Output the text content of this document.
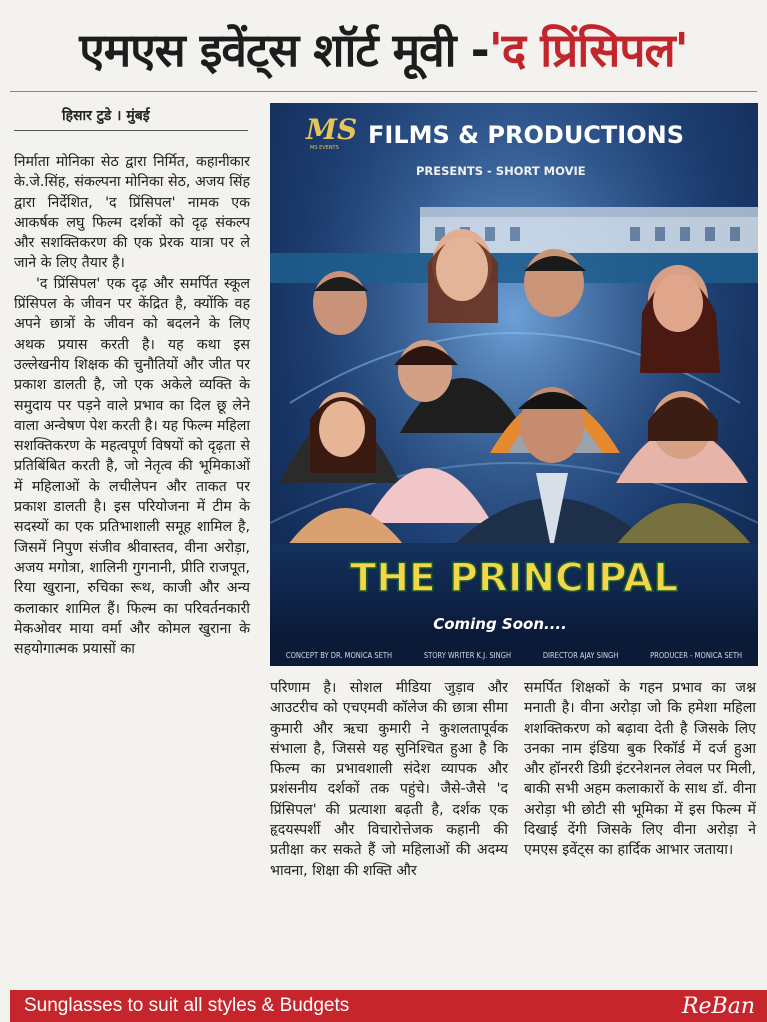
एमएस इवेंट्स शॉर्ट मूवी - 'द प्रिंसिपल'
हिसार टुडे । मुंबई

निर्माता मोनिका सेठ द्वारा निर्मित, कहानीकार के.जे.सिंह, संकल्पना मोनिका सेठ, अजय सिंह द्वारा निर्देशित, 'द प्रिंसिपल' नामक एक आकर्षक लघु फिल्म दर्शकों को दृढ़ संकल्प और सशक्तिकरण की एक प्रेरक यात्रा पर ले जाने के लिए तैयार है।

'द प्रिंसिपल' एक दृढ़ और समर्पित स्कूल प्रिंसिपल के जीवन पर केंद्रित है, क्योंकि वह अपने छात्रों के जीवन को बदलने के लिए अथक प्रयास करती है। यह कथा इस उल्लेखनीय शिक्षक की चुनौतियों और जीत पर प्रकाश डालती है, जो एक अकेले व्यक्ति के समुदाय पर पड़ने वाले प्रभाव का दिल छू लेने वाला अन्वेषण पेश करती है। यह फिल्म महिला सशक्तिकरण के महत्वपूर्ण विषयों को दृढ़ता से प्रतिबिंबित करती है, जो नेतृत्व की भूमिकाओं में महिलाओं के लचीलेपन और ताकत पर प्रकाश डालती है। इस परियोजना में टीम के सदस्यों का एक प्रतिभाशाली समूह शामिल है, जिसमें निपुण संजीव श्रीवास्तव, वीना अरोड़ा, अजय मगोत्रा, शालिनी गुगनानी, प्रीति राजपूत, रिया खुराना, रुचिका रूथ, काजी और अन्य कलाकार शामिल हैं। फिल्म का परिवर्तनकारी मेकओवर माया वर्मा और कोमल खुराना के सहयोगात्मक प्रयासों का

MS
MS EVENTS FILMS & PRODUCTIONS
PRESENTS - SHORT MOVIE
THE PRINCIPAL
Coming Soon....
CONCEPT BY DR. MONICA SETH	STORY WRITER K.J. SINGH	DIRECTOR AJAY SINGH	PRODUCER - MONICA SETH

परिणाम है। सोशल मीडिया जुड़ाव और आउटरीच को एचएमवी कॉलेज की छात्रा सीमा कुमारी और ऋचा कुमारी ने कुशलतापूर्वक संभाला है, जिससे यह सुनिश्चित हुआ है कि फिल्म का प्रभावशाली संदेश व्यापक और प्रशंसनीय दर्शकों तक पहुंचे। जैसे-जैसे 'द प्रिंसिपल' की प्रत्याशा बढ़ती है, दर्शक एक हृदयस्पर्शी और विचारोत्तेजक कहानी की प्रतीक्षा कर सकते हैं जो महिलाओं की अदम्य भावना, शिक्षा की शक्ति और

समर्पित शिक्षकों के गहन प्रभाव का जश्न मनाती है। वीना अरोड़ा जो कि हमेशा महिला शशक्तिकरण को बढ़ावा देती है जिसके लिए उनका नाम इंडिया बुक रिकॉर्ड में दर्ज हुआ और हॉनररी डिग्री इंटरनेशनल लेवल पर मिली, बाकी सभी अहम कलाकारों के साथ डॉ. वीना अरोड़ा भी छोटी सी भूमिका में इस फिल्म में दिखाई देंगी जिसके लिए वीना अरोड़ा ने एमएस इवेंट्स का हार्दिक आभार जताया।

Sunglasses to suit all styles & Budgets	ReBan
